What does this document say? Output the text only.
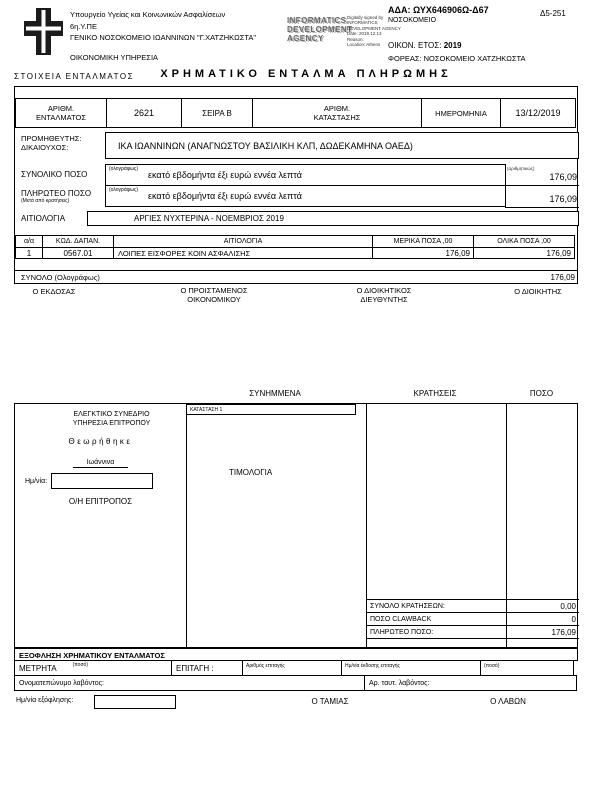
Υπουργείο Υγείας και Κοινωνικών Ασφαλίσεων
6η.Υ.ΠΕ
ΓΕΝΙΚΟ ΝΟΣΟΚΟΜΕΙΟ ΙΩΑΝΝΙΝΩΝ "Γ.ΧΑΤΖΗΚΩΣΤΑ"
ΟΙΚΟΝΟΜΙΚΗ ΥΠΗΡΕΣΙΑ
INFORMATICS
DEVELOPMENT AGENCY
Digitally signed by
INFORMATICS
DEVELOPMENT AGENCY
Date: 2019.12.13
Reason:
Location: Athens
ΑΔΑ: ΩΥΧ646906Ω-Δ67	Δ5-251
ΝΟΣΟΚΟΜΕΙΟ
ΟΙΚΟΝ. ΕΤΟΣ: 2019
ΦΟΡΕΑΣ: ΝΟΣΟΚΟΜΕΙΟ ΧΑΤΖΗΚΩΣΤΑ
ΣΤΟΙΧΕΙΑ ΕΝΤΑΛΜΑΤΟΣ	ΧΡΗΜΑΤΙΚΟ ΕΝΤΑΛΜΑ ΠΛΗΡΩΜΗΣ
ΑΡΙΘΜ. ΕΝΤΑΛΜΑΤΟΣ	2621	ΣΕΙΡΑ Β	ΑΡΙΘΜ. ΚΑΤΑΣΤΑΣΗΣ	ΗΜΕΡΟΜΗΝΙΑ	13/12/2019
ΠΡΟΜΗΘΕΥΤΗΣ:
ΔΙΚΑΙΟΥΧΟΣ:	ΙΚΑ ΙΩΑΝΝΙΝΩΝ (ΑΝΑΓΝΩΣΤΟΥ ΒΑΣΙΛΙΚΗ ΚΛΠ, ΔΩΔΕΚΑΜΗΝΑ ΟΑΕΔ)
ΣΥΝΟΛΙΚΟ ΠΟΣΟ
(ολογράφως)
εκατό εβδομήντα έξι ευρώ εννέα λεπτά
(αριθμητικώς)
176,09
ΠΛΗΡΩΤΕΟ ΠΟΣΟ
(Μετά από κρατήσεις)
(ολογράφως)
εκατό εβδομήντα έξι ευρώ εννέα λεπτά	176,09
ΑΙΤΙΟΛΟΓΙΑ	ΑΡΓΙΕΣ ΝΥΧΤΕΡΙΝΑ - ΝΟΕΜΒΡΙΟΣ 2019
α/α	ΚΩΔ. ΔΑΠΑΝ.	ΑΙΤΙΟΛΟΓΙΑ	ΜΕΡΙΚΑ ΠΟΣΑ ,00	ΟΛΙΚΑ ΠΟΣΑ ,00
1	0567.01	ΛΟΙΠΕΣ ΕΙΣΦΟΡΕΣ ΚΟΙΝ ΑΣΦΑΛΙΣΗΣ	176,09	176,09
ΣΥΝΟΛΟ (Ολογράφως)	176,09
Ο ΕΚΔΟΣΑΣ	Ο ΠΡΟΙΣΤΑΜΕΝΟΣ ΟΙΚΟΝΟΜΙΚΟΥ
Ο ΔΙΟΙΚΗΤΙΚΟΣ ΔΙΕΥΘΥΝΤΗΣ
Ο ΔΙΟΙΚΗΤΗΣ
ΣΥΝΗΜΜΕΝΑ	ΚΡΑΤΗΣΕΙΣ	ΠΟΣΟ
ΕΛΕΓΚΤΙΚΟ ΣΥΝΕΔΡΙΟ
ΥΠΗΡΕΣΙΑ ΕΠΙΤΡΟΠΟΥ
Θεωρήθηκε
Ιωάννινα
Ημ/νία:
Ο/Η ΕΠΙΤΡΟΠΟΣ
ΚΑΤΑΣΤΑΣΗ 1
ΤΙΜΟΛΟΓΙΑ
ΣΥΝΟΛΟ ΚΡΑΤΗΣΕΩΝ:	0,00
ΠΟΣΟ CLAWBACK	0
ΠΛΗΡΩΤΕΟ ΠΟΣΟ:	176,09
ΕΞΟΦΛΗΣΗ ΧΡΗΜΑΤΙΚΟΥ ΕΝΤΑΛΜΑΤΟΣ
ΜΕΤΡΗΤΑ	(ποσό)	ΕΠΙΤΑΓΗ :	Αριθμός επιταγής	Ημ/νία έκδοσης επιταγής	(ποσό)
Ονοματεπώνυμο λαβόντος:	Αρ. ταυτ. λαβόντος:
Ημ/νία εξόφλησης:	Ο ΤΑΜΙΑΣ	Ο ΛΑΒΩΝ
